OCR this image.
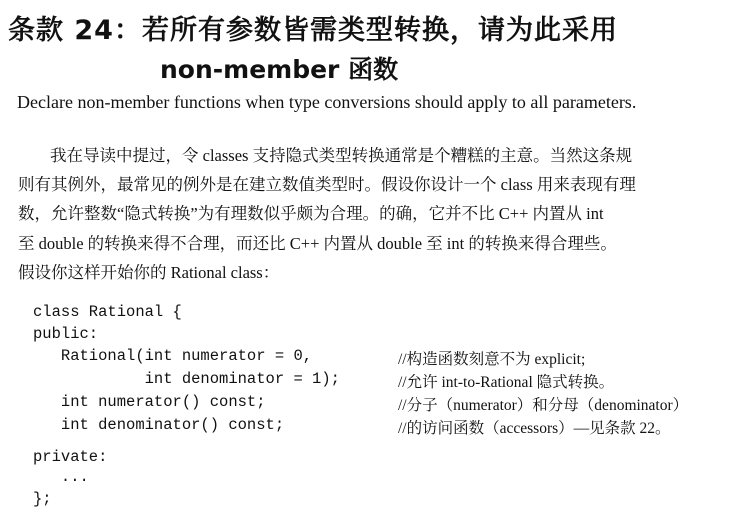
条款 24：若所有参数皆需类型转换，请为此采用
non-member 函数
Declare non-member functions when type conversions should apply to all parameters.
我在导读中提过，令 classes 支持隐式类型转换通常是个糟糕的主意。当然这条规
则有其例外，最常见的例外是在建立数值类型时。假设你设计一个 class 用来表现有理
数，允许整数“隐式转换”为有理数似乎颇为合理。的确，它并不比 C++ 内置从 int
至 double 的转换来得不合理，而还比 C++ 内置从 double 至 int 的转换来得合理些。
假设你这样开始你的 Rational class：
class Rational {
public:
Rational(int numerator = 0,
int denominator = 1);
int numerator() const;
int denominator() const;
private:
...
};
//构造函数刻意不为 explicit;
//允许 int-to-Rational 隐式转换。
//分子（numerator）和分母（denominator）
//的访问函数（accessors）—见条款 22。
